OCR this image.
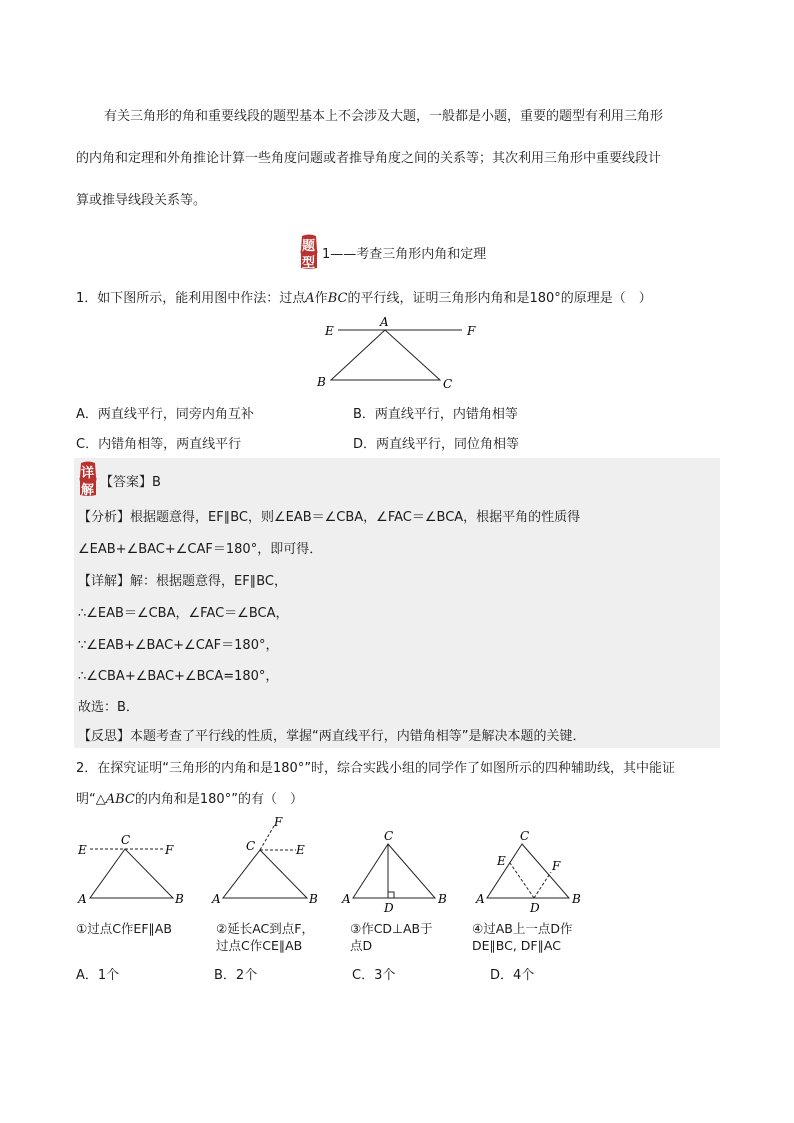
有关三角形的角和重要线段的题型基本上不会涉及大题，一般都是小题，重要的题型有利用三角形
的内角和定理和外角推论计算一些角度问题或者推导角度之间的关系等；其次利用三角形中重要线段计
算或推导线段关系等。
题
型
1——考查三角形内角和定理
1．如下图所示，能利用图中作法：过点A作BC的平行线，证明三角形内角和是180°的原理是（　）
E
A
F
B	C
A．两直线平行，同旁内角互补	B．两直线平行，内错角相等
C．内错角相等，两直线平行	D．两直线平行，同位角相等
详
解
【答案】B
【分析】根据题意得，EF∥BC，则∠EAB＝∠CBA，∠FAC＝∠BCA，根据平角的性质得
∠EAB+∠BAC+∠CAF＝180°，即可得．
【详解】解：根据题意得，EF∥BC，
∴∠EAB＝∠CBA，∠FAC＝∠BCA，
∵∠EAB+∠BAC+∠CAF＝180°，
∴∠CBA+∠BAC+∠BCA=180°，
故选：B．
【反思】本题考查了平行线的性质，掌握“两直线平行，内错角相等”是解决本题的关键．
2．在探究证明“三角形的内角和是180°”时，综合实践小组的同学作了如图所示的四种辅助线，其中能证
明“△ABC的内角和是180°”的有（　）
C
E	F
A	B
F
C	E
A	B
C
A	B
D
C
E	F
A
D
B
①过点C作EF∥AB	②延长AC到点F，
过点C作CE∥AB
③作CD⊥AB于
点D
④过AB上一点D作
DE∥BC, DF∥AC
A．1个	B．2个	C．3个	D．4个
